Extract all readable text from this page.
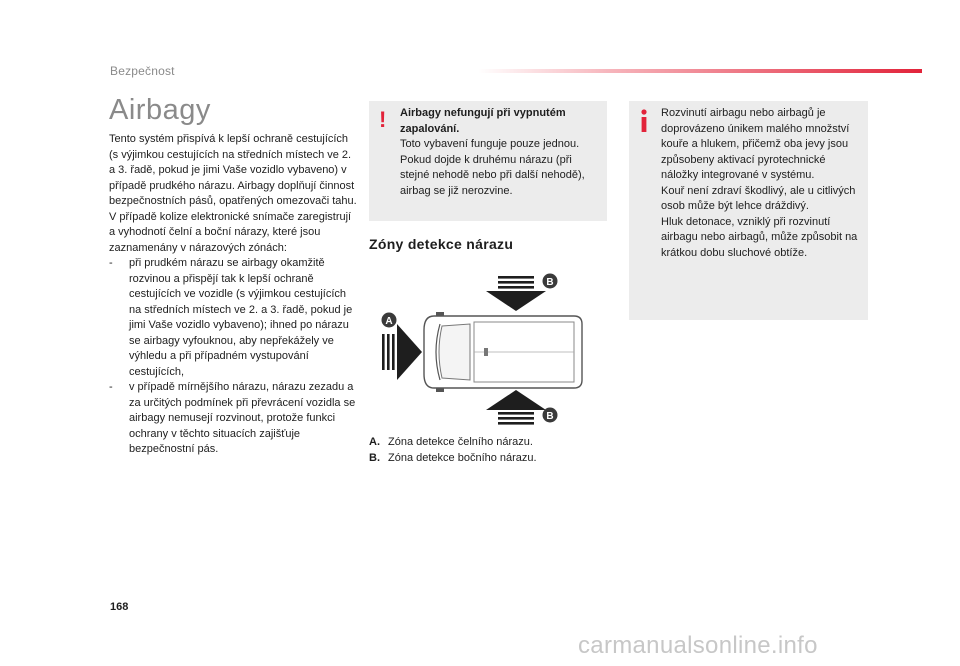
Bezpečnost
Airbagy

Tento systém přispívá k lepší ochraně cestujících (s výjimkou cestujících na středních místech ve 2. a 3. řadě, pokud je jimi Vaše vozidlo vybaveno) v případě prudkého nárazu. Airbagy doplňují činnost bezpečnostních pásů, opatřených omezovači tahu.

V případě kolize elektronické snímače zaregistrují a vyhodnotí čelní a boční nárazy, které jsou zaznamenány v nárazových zónách:

-	při prudkém nárazu se airbagy okamžitě rozvinou a přispějí tak k lepší ochraně cestujících ve vozidle (s výjimkou cestujících na středních místech ve 2. a 3. řadě, pokud je jimi Vaše vozidlo vybaveno); ihned po nárazu se airbagy vyfouknou, aby nepřekážely ve výhledu a při případném vystupování cestujících,
-	v případě mírnějšího nárazu, nárazu zezadu a za určitých podmínek při převrácení vozidla se airbagy nemusejí rozvinout, protože funkci ochrany v těchto situacích zajišťuje bezpečnostní pás.
! Airbagy nefungují při vypnutém zapalování.
Toto vybavení funguje pouze jednou.
Pokud dojde k druhému nárazu (při stejné nehodě nebo při další nehodě), airbag se již nerozvine.
Rozvinutí airbagu nebo airbagů je doprovázeno únikem malého množství kouře a hlukem, přičemž oba jevy jsou způsobeny aktivací pyrotechnické náložky integrované v systému.
Kouř není zdraví škodlivý, ale u citlivých osob může být lehce dráždivý.
Hluk detonace, vzniklý při rozvinutí airbagu nebo airbagů, může způsobit na krátkou dobu sluchové obtíže.
Zóny detekce nárazu
B
A
B
A. Zóna detekce čelního nárazu.
B. Zóna detekce bočního nárazu.
168
carmanualsonline.info
